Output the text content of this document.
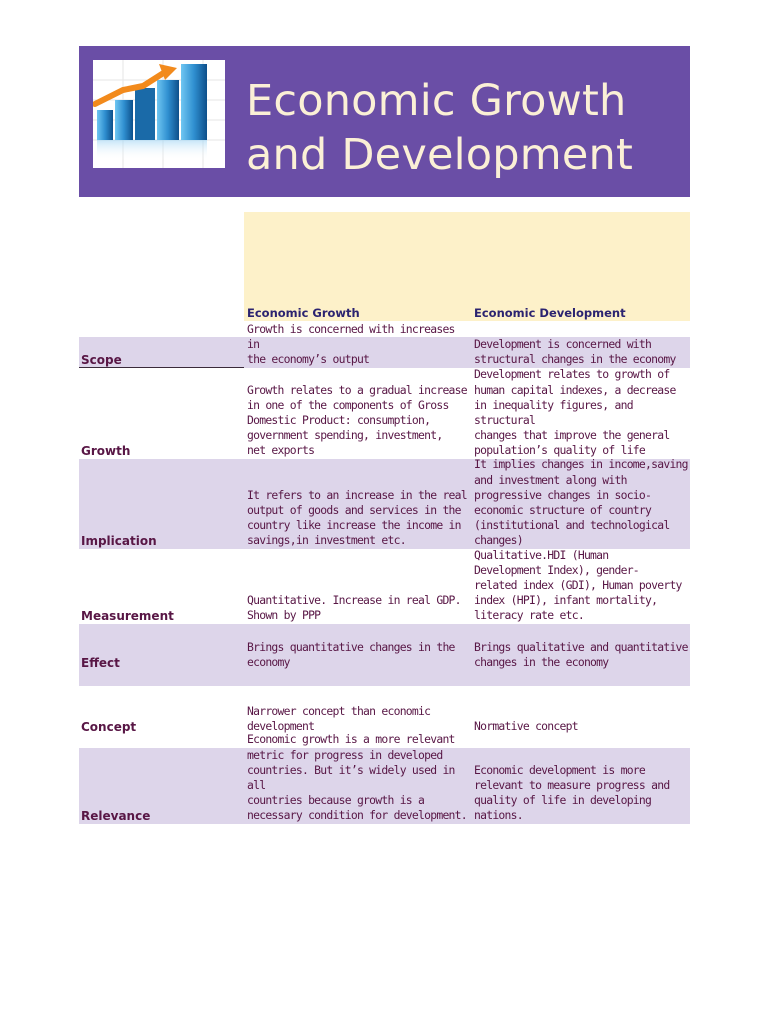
Economic Growth
and Development
Economic Growth	Economic Development
Scope
Growth is concerned with increases in
the economy’s output
Development is concerned with
structural changes in the economy
Growth
Growth relates to a gradual increase
in one of the components of Gross
Domestic Product: consumption,
government spending, investment,
net exports
Development relates to growth of
human capital indexes, a decrease
in inequality figures, and structural
changes that improve the general
population’s quality of life
Implication
It refers to an increase in the real
output of goods and services in the
country like increase the income in
savings,in investment etc.
It implies changes in income,saving
and investment along with
progressive changes in socio-
economic structure of country
(institutional and technological
changes)
Measurement
Quantitative. Increase in real GDP.
Shown by PPP
Qualitative.HDI (Human
Development Index), gender-
related index (GDI), Human poverty
index (HPI), infant mortality,
literacy rate etc.
Effect
Brings quantitative changes in the
economy
Brings qualitative and quantitative
changes in the economy
Concept
Narrower concept than economic
development	Normative concept
Relevance
Economic growth is a more relevant
metric for progress in developed
countries. But it’s widely used in all
countries because growth is a
necessary condition for development.
Economic development is more
relevant to measure progress and
quality of life in developing nations.
